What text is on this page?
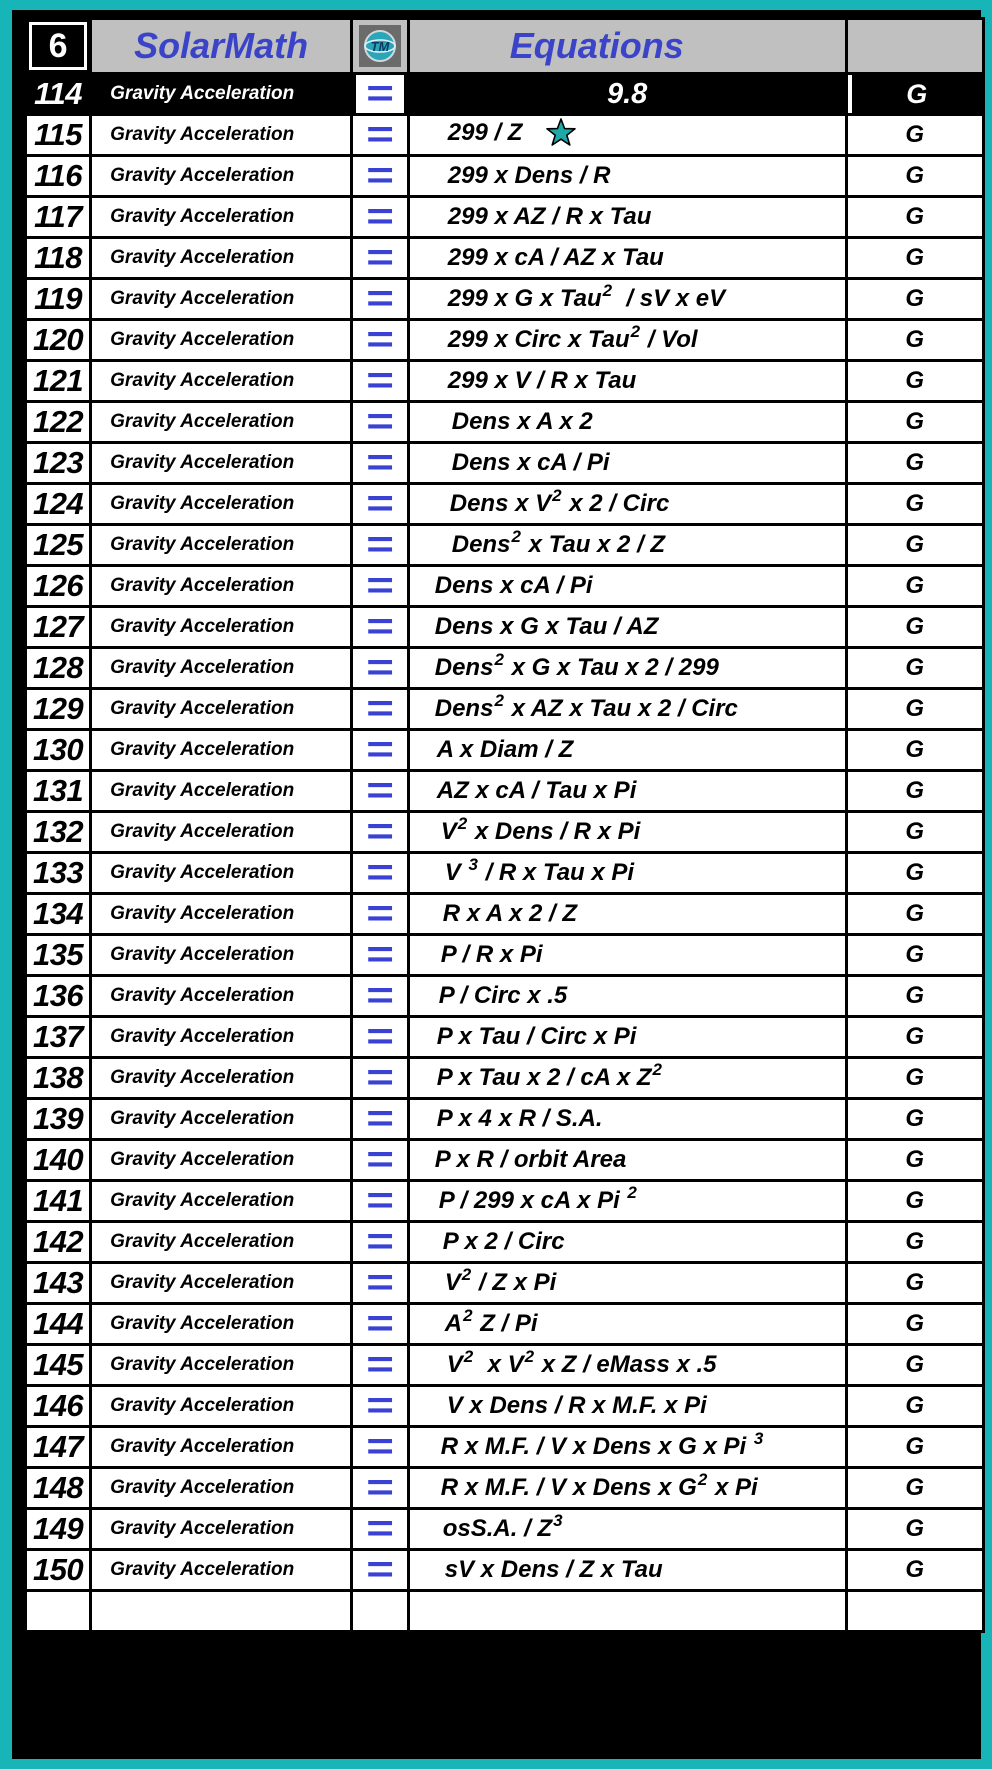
6	SolarMath	TM	Equations	
114	Gravity Acceleration	=	9.8	G

115	Gravity Acceleration	=	299 / Z	G
116	Gravity Acceleration	=	299 x Dens / R	G
117	Gravity Acceleration	=	299 x AZ / R x Tau	G
118	Gravity Acceleration	=	299 x cA / AZ x Tau	G
119	Gravity Acceleration	=	299 x G x Tau$^2$  / sV x eV	G
120	Gravity Acceleration	=	299 x Circ x Tau$^2$ / Vol	G
121	Gravity Acceleration	=	299 x V / R x Tau	G
122	Gravity Acceleration	=	Dens x A x 2	G
123	Gravity Acceleration	=	Dens x cA / Pi	G
124	Gravity Acceleration	=	Dens x $V^2$ x 2 / Circ	G
125	Gravity Acceleration	=	Dens$^2$ x Tau x 2 / Z	G
126	Gravity Acceleration	=	Dens x cA / Pi	G
127	Gravity Acceleration	=	Dens x G x Tau / AZ	G
128	Gravity Acceleration	=	Dens$^2$ x G x Tau x 2 / 299	G
129	Gravity Acceleration	=	Dens$^2$ x AZ x Tau x 2 / Circ	G
130	Gravity Acceleration	=	A x Diam / Z	G
131	Gravity Acceleration	=	AZ x cA / Tau x Pi	G
132	Gravity Acceleration	=	$V^2$ x Dens / R x Pi	G
133	Gravity Acceleration	=	V $^3$ / R x Tau x Pi	G
134	Gravity Acceleration	=	R x A x 2 / Z	G
135	Gravity Acceleration	=	P / R x Pi	G
136	Gravity Acceleration	=	P / Circ x .5	G
137	Gravity Acceleration	=	P x Tau / Circ x Pi	G
138	Gravity Acceleration	=	P x Tau x 2 / cA x $Z^2$	G
139	Gravity Acceleration	=	P x 4 x R / S.A.	G
140	Gravity Acceleration	=	P x R / orbit Area	G
141	Gravity Acceleration	=	P / 299 x cA x Pi $^2$	G
142	Gravity Acceleration	=	P x 2 / Circ	G
143	Gravity Acceleration	=	$V^2$ / Z x Pi	G
144	Gravity Acceleration	=	$A^2$ Z / Pi	G
145	Gravity Acceleration	=	$V^2$  x $V^2$ x Z / eMass x .5	G
146	Gravity Acceleration	=	V x Dens / R x M.F. x Pi	G
147	Gravity Acceleration	=	R x M.F. / V x Dens x G x Pi $^3$	G
148	Gravity Acceleration	=	R x M.F. / V x Dens x $G^2$ x Pi	G
149	Gravity Acceleration	=	osS.A. / $Z^3$	G
150	Gravity Acceleration	=	sV x Dens / Z x Tau	G
